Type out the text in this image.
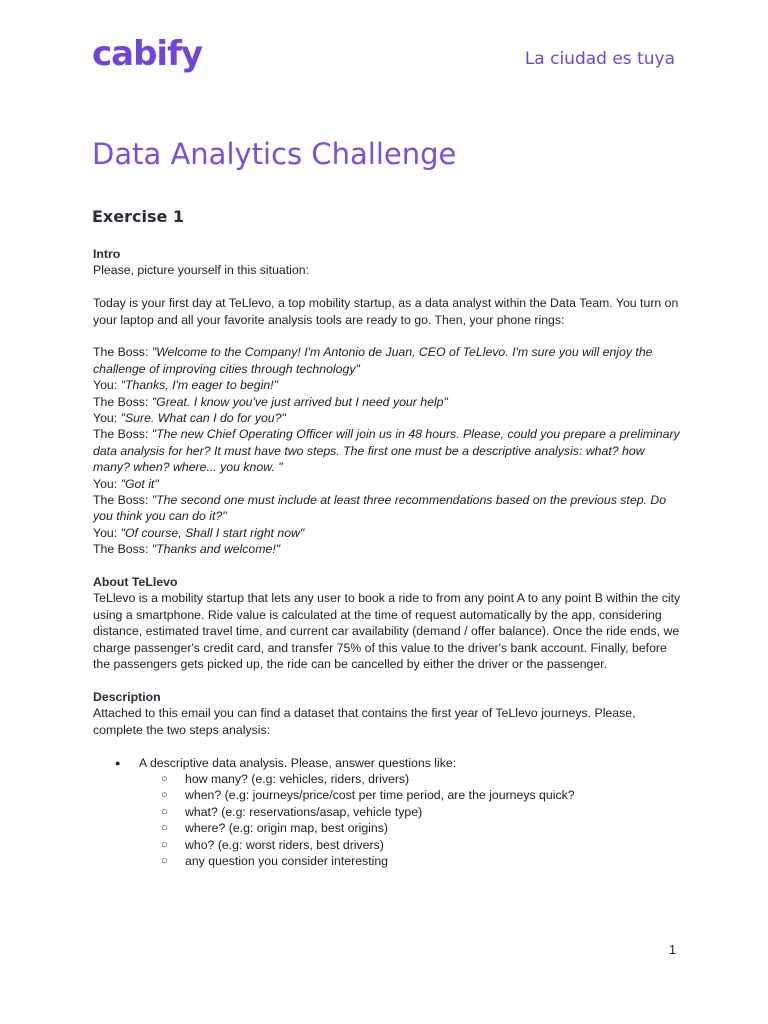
cabify	La ciudad es tuya
Data Analytics Challenge
Exercise 1

Intro

Please, picture yourself in this situation:

Today is your first day at TeLlevo, a top mobility startup, as a data analyst within the Data Team. You turn on your laptop and all your favorite analysis tools are ready to go. Then, your phone rings:

The Boss: "Welcome to the Company! I'm Antonio de Juan, CEO of TeLlevo. I'm sure you will enjoy the challenge of improving cities through technology"

You: "Thanks, I'm eager to begin!"

The Boss: "Great. I know you've just arrived but I need your help"

You: "Sure. What can I do for you?"

The Boss: "The new Chief Operating Officer will join us in 48 hours. Please, could you prepare a preliminary data analysis for her? It must have two steps. The first one must be a descriptive analysis: what? how many? when? where... you know. "

You: "Got it"

The Boss: "The second one must include at least three recommendations based on the previous step. Do you think you can do it?"

You: "Of course, Shall I start right now"

The Boss: "Thanks and welcome!"

About TeLlevo

TeLlevo is a mobility startup that lets any user to book a ride to from any point A to any point B within the city using a smartphone. Ride value is calculated at the time of request automatically by the app, considering distance, estimated travel time, and current car availability (demand / offer balance). Once the ride ends, we charge passenger's credit card, and transfer 75% of this value to the driver's bank account. Finally, before the passengers gets picked up, the ride can be cancelled by either the driver or the passenger.

Description

Attached to this email you can find a dataset that contains the first year of TeLlevo journeys. Please, complete the two steps analysis:

● A descriptive data analysis. Please, answer questions like:
○ how many? (e.g: vehicles, riders, drivers)
○ when? (e.g: journeys/price/cost per time period, are the journeys quick?
○ what? (e.g: reservations/asap, vehicle type)
○ where? (e.g: origin map, best origins)
○ who? (e.g: worst riders, best drivers)
○ any question you consider interesting
1
